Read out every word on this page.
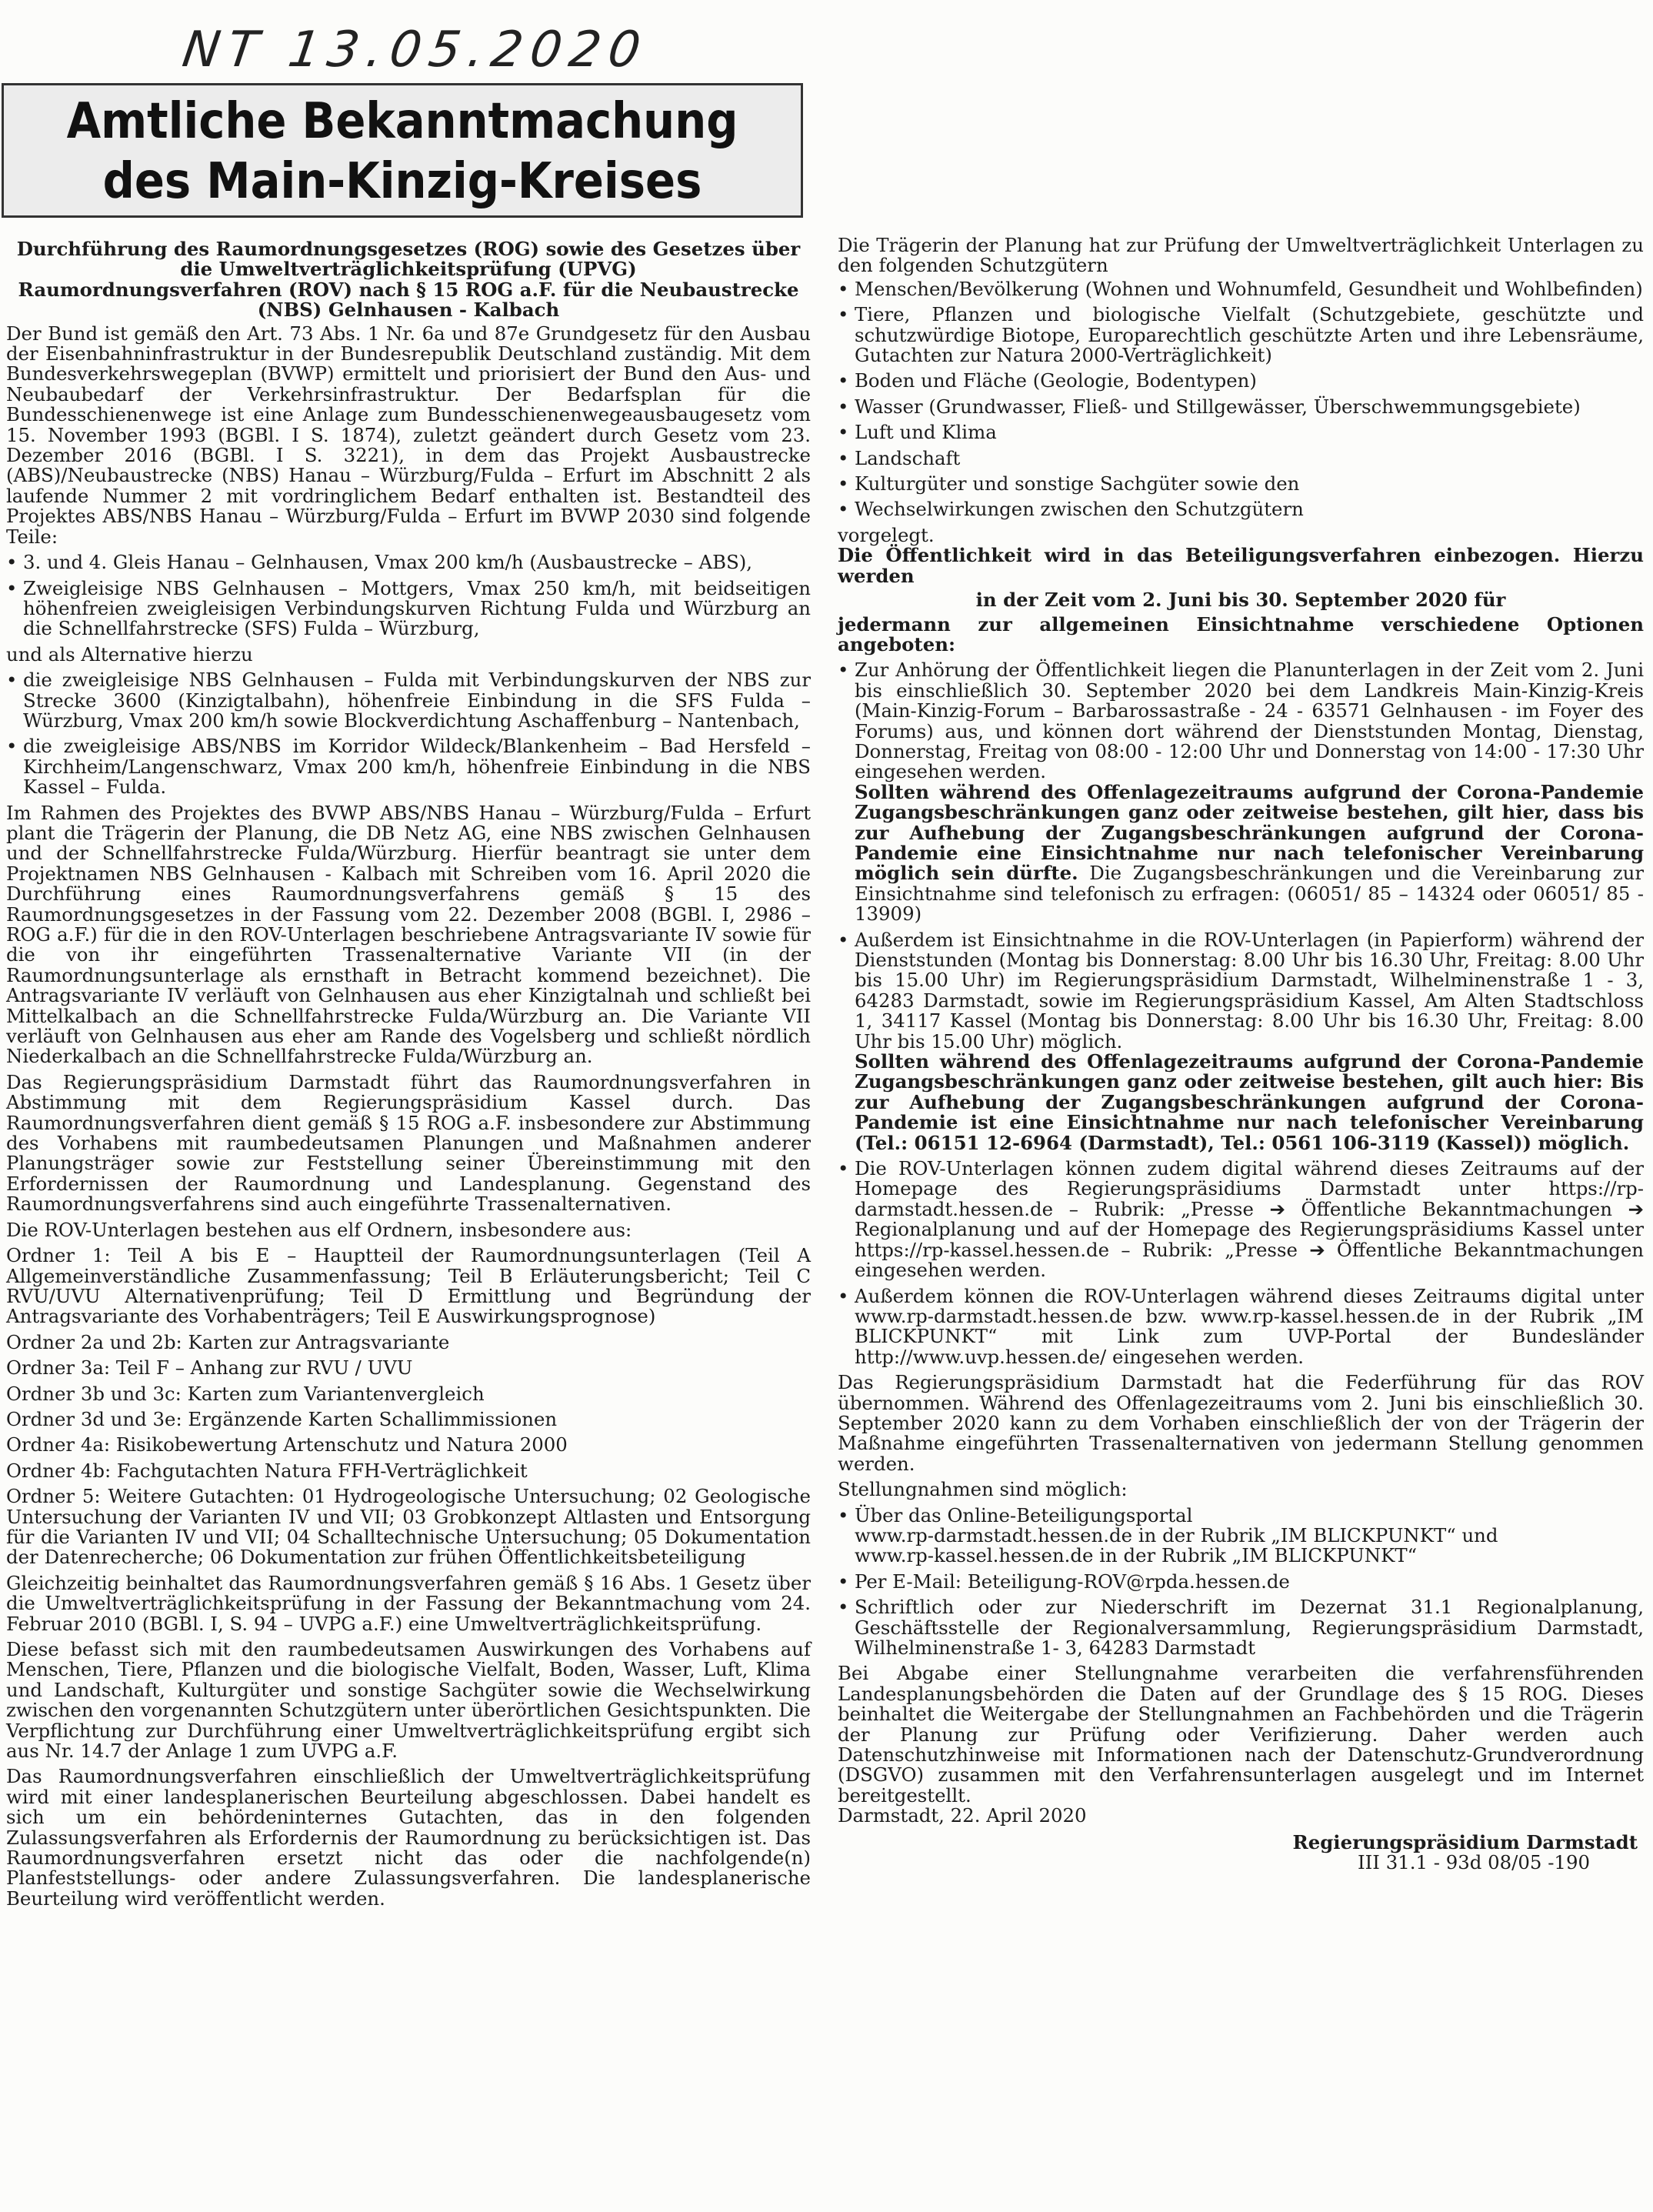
NT 13.05.2020
Amtliche Bekanntmachung des Main-Kinzig-Kreises

Durchführung des Raumordnungsgesetzes (ROG) sowie des Gesetzes über die Umweltverträglichkeitsprüfung (UPVG)

Raumordnungsverfahren (ROV) nach § 15 ROG a.F. für die Neubaustrecke (NBS) Gelnhausen - Kalbach

Der Bund ist gemäß den Art. 73 Abs. 1 Nr. 6a und 87e Grundgesetz für den Ausbau der Eisenbahninfrastruktur in der Bundesrepublik Deutschland zuständig. Mit dem Bundesverkehrswegeplan (BVWP) ermittelt und priorisiert der Bund den Aus- und Neubaubedarf der Verkehrsinfrastruktur. Der Bedarfsplan für die Bundesschienenwege ist eine Anlage zum Bundesschienenwegeausbaugesetz vom 15. November 1993 (BGBl. I S. 1874), zuletzt geändert durch Gesetz vom 23. Dezember 2016 (BGBl. I S. 3221), in dem das Projekt Ausbaustrecke (ABS)/Neubaustrecke (NBS) Hanau – Würzburg/Fulda – Erfurt im Abschnitt 2 als laufende Nummer 2 mit vordringlichem Bedarf enthalten ist. Bestandteil des Projektes ABS/NBS Hanau – Würzburg/Fulda – Erfurt im BVWP 2030 sind folgende Teile:

• 3. und 4. Gleis Hanau – Gelnhausen, Vmax 200 km/h (Ausbaustrecke – ABS),
• Zweigleisige NBS Gelnhausen – Mottgers, Vmax 250 km/h, mit beidseitigen höhenfreien zweigleisigen Verbindungskurven Richtung Fulda und Würzburg an die Schnellfahrstrecke (SFS) Fulda – Würzburg,

und als Alternative hierzu

• die zweigleisige NBS Gelnhausen – Fulda mit Verbindungskurven der NBS zur Strecke 3600 (Kinzigtalbahn), höhenfreie Einbindung in die SFS Fulda – Würzburg, Vmax 200 km/h sowie Blockverdichtung Aschaffenburg – Nantenbach,
• die zweigleisige ABS/NBS im Korridor Wildeck/Blankenheim – Bad Hersfeld – Kirchheim/Langenschwarz, Vmax 200 km/h, höhenfreie Einbindung in die NBS Kassel – Fulda.

Im Rahmen des Projektes des BVWP ABS/NBS Hanau – Würzburg/Fulda – Erfurt plant die Trägerin der Planung, die DB Netz AG, eine NBS zwischen Gelnhausen und der Schnellfahrstrecke Fulda/Würzburg. Hierfür beantragt sie unter dem Projektnamen NBS Gelnhausen - Kalbach mit Schreiben vom 16. April 2020 die Durchführung eines Raumordnungsverfahrens gemäß § 15 des Raumordnungsgesetzes in der Fassung vom 22. Dezember 2008 (BGBl. I, 2986 – ROG a.F.) für die in den ROV-Unterlagen beschriebene Antragsvariante IV sowie für die von ihr eingeführten Trassenalternative Variante VII (in der Raumordnungsunterlage als ernsthaft in Betracht kommend bezeichnet). Die Antragsvariante IV verläuft von Gelnhausen aus eher Kinzigtalnah und schließt bei Mittelkalbach an die Schnellfahrstrecke Fulda/Würzburg an. Die Variante VII verläuft von Gelnhausen aus eher am Rande des Vogelsberg und schließt nördlich Niederkalbach an die Schnellfahrstrecke Fulda/Würzburg an.

Das Regierungspräsidium Darmstadt führt das Raumordnungsverfahren in Abstimmung mit dem Regierungspräsidium Kassel durch. Das Raumordnungsverfahren dient gemäß § 15 ROG a.F. insbesondere zur Abstimmung des Vorhabens mit raumbedeutsamen Planungen und Maßnahmen anderer Planungsträger sowie zur Feststellung seiner Übereinstimmung mit den Erfordernissen der Raumordnung und Landesplanung. Gegenstand des Raumordnungsverfahrens sind auch eingeführte Trassenalternativen.

Die ROV-Unterlagen bestehen aus elf Ordnern, insbesondere aus:

Ordner 1: Teil A bis E – Hauptteil der Raumordnungsunterlagen (Teil A Allgemeinverständliche Zusammenfassung; Teil B Erläuterungsbericht; Teil C RVU/UVU Alternativenprüfung; Teil D Ermittlung und Begründung der Antragsvariante des Vorhabenträgers; Teil E Auswirkungsprognose)

Ordner 2a und 2b: Karten zur Antragsvariante

Ordner 3a: Teil F – Anhang zur RVU / UVU

Ordner 3b und 3c: Karten zum Variantenvergleich

Ordner 3d und 3e: Ergänzende Karten Schallimmissionen

Ordner 4a: Risikobewertung Artenschutz und Natura 2000

Ordner 4b: Fachgutachten Natura FFH-Verträglichkeit

Ordner 5: Weitere Gutachten: 01 Hydrogeologische Untersuchung; 02 Geologische Untersuchung der Varianten IV und VII; 03 Grobkonzept Altlasten und Entsorgung für die Varianten IV und VII; 04 Schalltechnische Untersuchung; 05 Dokumentation der Datenrecherche; 06 Dokumentation zur frühen Öffentlichkeitsbeteiligung

Gleichzeitig beinhaltet das Raumordnungsverfahren gemäß § 16 Abs. 1 Gesetz über die Umweltverträglichkeitsprüfung in der Fassung der Bekanntmachung vom 24. Februar 2010 (BGBl. I, S. 94 – UVPG a.F.) eine Umweltverträglichkeitsprüfung.

Diese befasst sich mit den raumbedeutsamen Auswirkungen des Vorhabens auf Menschen, Tiere, Pflanzen und die biologische Vielfalt, Boden, Wasser, Luft, Klima und Landschaft, Kulturgüter und sonstige Sachgüter sowie die Wechselwirkung zwischen den vorgenannten Schutzgütern unter überörtlichen Gesichtspunkten. Die Verpflichtung zur Durchführung einer Umweltverträglichkeitsprüfung ergibt sich aus Nr. 14.7 der Anlage 1 zum UVPG a.F.

Das Raumordnungsverfahren einschließlich der Umweltverträglichkeitsprüfung wird mit einer landesplanerischen Beurteilung abgeschlossen. Dabei handelt es sich um ein behördeninternes Gutachten, das in den folgenden Zulassungsverfahren als Erfordernis der Raumordnung zu berücksichtigen ist. Das Raumordnungsverfahren ersetzt nicht das oder die nachfolgende(n) Planfeststellungs- oder andere Zulassungsverfahren. Die landesplanerische Beurteilung wird veröffentlicht werden.

Die Trägerin der Planung hat zur Prüfung der Umweltverträglichkeit Unterlagen zu den folgenden Schutzgütern

• Menschen/Bevölkerung (Wohnen und Wohnumfeld, Gesundheit und Wohlbefinden)
• Tiere, Pflanzen und biologische Vielfalt (Schutzgebiete, geschützte und schutzwürdige Biotope, Europarechtlich geschützte Arten und ihre Lebensräume, Gutachten zur Natura 2000-Verträglichkeit)
• Boden und Fläche (Geologie, Bodentypen)
• Wasser (Grundwasser, Fließ- und Stillgewässer, Überschwemmungsgebiete)
• Luft und Klima
• Landschaft
• Kulturgüter und sonstige Sachgüter sowie den
• Wechselwirkungen zwischen den Schutzgütern

vorgelegt.

Die Öffentlichkeit wird in das Beteiligungsverfahren einbezogen. Hierzu werden

in der Zeit vom 2. Juni bis 30. September 2020 für

jedermann zur allgemeinen Einsichtnahme verschiedene Optionen angeboten:

• Zur Anhörung der Öffentlichkeit liegen die Planunterlagen in der Zeit vom 2. Juni bis einschließlich 30. September 2020 bei dem Landkreis Main-Kinzig-Kreis (Main-Kinzig-Forum – Barbarossastraße - 24 - 63571 Gelnhausen - im Foyer des Forums) aus, und können dort während der Dienststunden Montag, Dienstag, Donnerstag, Freitag von 08:00 - 12:00 Uhr und Donnerstag von 14:00 - 17:30 Uhr eingesehen werden.

Sollten während des Offenlagezeitraums aufgrund der Corona-Pandemie Zugangsbeschränkungen ganz oder zeitweise bestehen, gilt hier, dass bis zur Aufhebung der Zugangsbeschränkungen aufgrund der Corona-Pandemie eine Einsichtnahme nur nach telefonischer Vereinbarung möglich sein dürfte. Die Zugangsbeschränkungen und die Vereinbarung zur Einsichtnahme sind telefonisch zu erfragen: (06051/ 85 – 14324 oder 06051/ 85 - 13909)

• Außerdem ist Einsichtnahme in die ROV-Unterlagen (in Papierform) während der Dienststunden (Montag bis Donnerstag: 8.00 Uhr bis 16.30 Uhr, Freitag: 8.00 Uhr bis 15.00 Uhr) im Regierungspräsidium Darmstadt, Wilhelminenstraße 1 - 3, 64283 Darmstadt, sowie im Regierungspräsidium Kassel, Am Alten Stadtschloss 1, 34117 Kassel (Montag bis Donnerstag: 8.00 Uhr bis 16.30 Uhr, Freitag: 8.00 Uhr bis 15.00 Uhr) möglich.

Sollten während des Offenlagezeitraums aufgrund der Corona-Pandemie Zugangsbeschränkungen ganz oder zeitweise bestehen, gilt auch hier: Bis zur Aufhebung der Zugangsbeschränkungen aufgrund der Corona-Pandemie ist eine Einsichtnahme nur nach telefonischer Vereinbarung (Tel.: 06151 12-6964 (Darmstadt), Tel.: 0561 106-3119 (Kassel)) möglich.

• Die ROV-Unterlagen können zudem digital während dieses Zeitraums auf der Homepage des Regierungspräsidiums Darmstadt unter https://rp-darmstadt.hessen.de – Rubrik: „Presse ➔ Öffentliche Bekanntmachungen ➔ Regionalplanung und auf der Homepage des Regierungspräsidiums Kassel unter https://rp-kassel.hessen.de – Rubrik: „Presse ➔ Öffentliche Bekanntmachungen eingesehen werden.
• Außerdem können die ROV-Unterlagen während dieses Zeitraums digital unter www.rp-darmstadt.hessen.de bzw. www.rp-kassel.hessen.de in der Rubrik „IM BLICKPUNKT“ mit Link zum UVP-Portal der Bundesländer http://www.uvp.hessen.de/ eingesehen werden.

Das Regierungspräsidium Darmstadt hat die Federführung für das ROV übernommen. Während des Offenlagezeitraums vom 2. Juni bis einschließlich 30. September 2020 kann zu dem Vorhaben einschließlich der von der Trägerin der Maßnahme eingeführten Trassenalternativen von jedermann Stellung genommen werden.

Stellungnahmen sind möglich:

• Über das Online-Beteiligungsportal
www.rp-darmstadt.hessen.de in der Rubrik „IM BLICKPUNKT“ und
www.rp-kassel.hessen.de in der Rubrik „IM BLICKPUNKT“
• Per E-Mail: Beteiligung-ROV@rpda.hessen.de
• Schriftlich oder zur Niederschrift im Dezernat 31.1 Regionalplanung, Geschäftsstelle der Regionalversammlung, Regierungspräsidium Darmstadt, Wilhelminenstraße 1- 3, 64283 Darmstadt

Bei Abgabe einer Stellungnahme verarbeiten die verfahrensführenden Landesplanungsbehörden die Daten auf der Grundlage des § 15 ROG. Dieses beinhaltet die Weitergabe der Stellungnahmen an Fachbehörden und die Trägerin der Planung zur Prüfung oder Verifizierung. Daher werden auch Datenschutzhinweise mit Informationen nach der Datenschutz-Grundverordnung (DSGVO) zusammen mit den Verfahrensunterlagen ausgelegt und im Internet bereitgestellt.

Darmstadt, 22. April 2020

Regierungspräsidium Darmstadt

III 31.1 - 93d 08/05 -190
